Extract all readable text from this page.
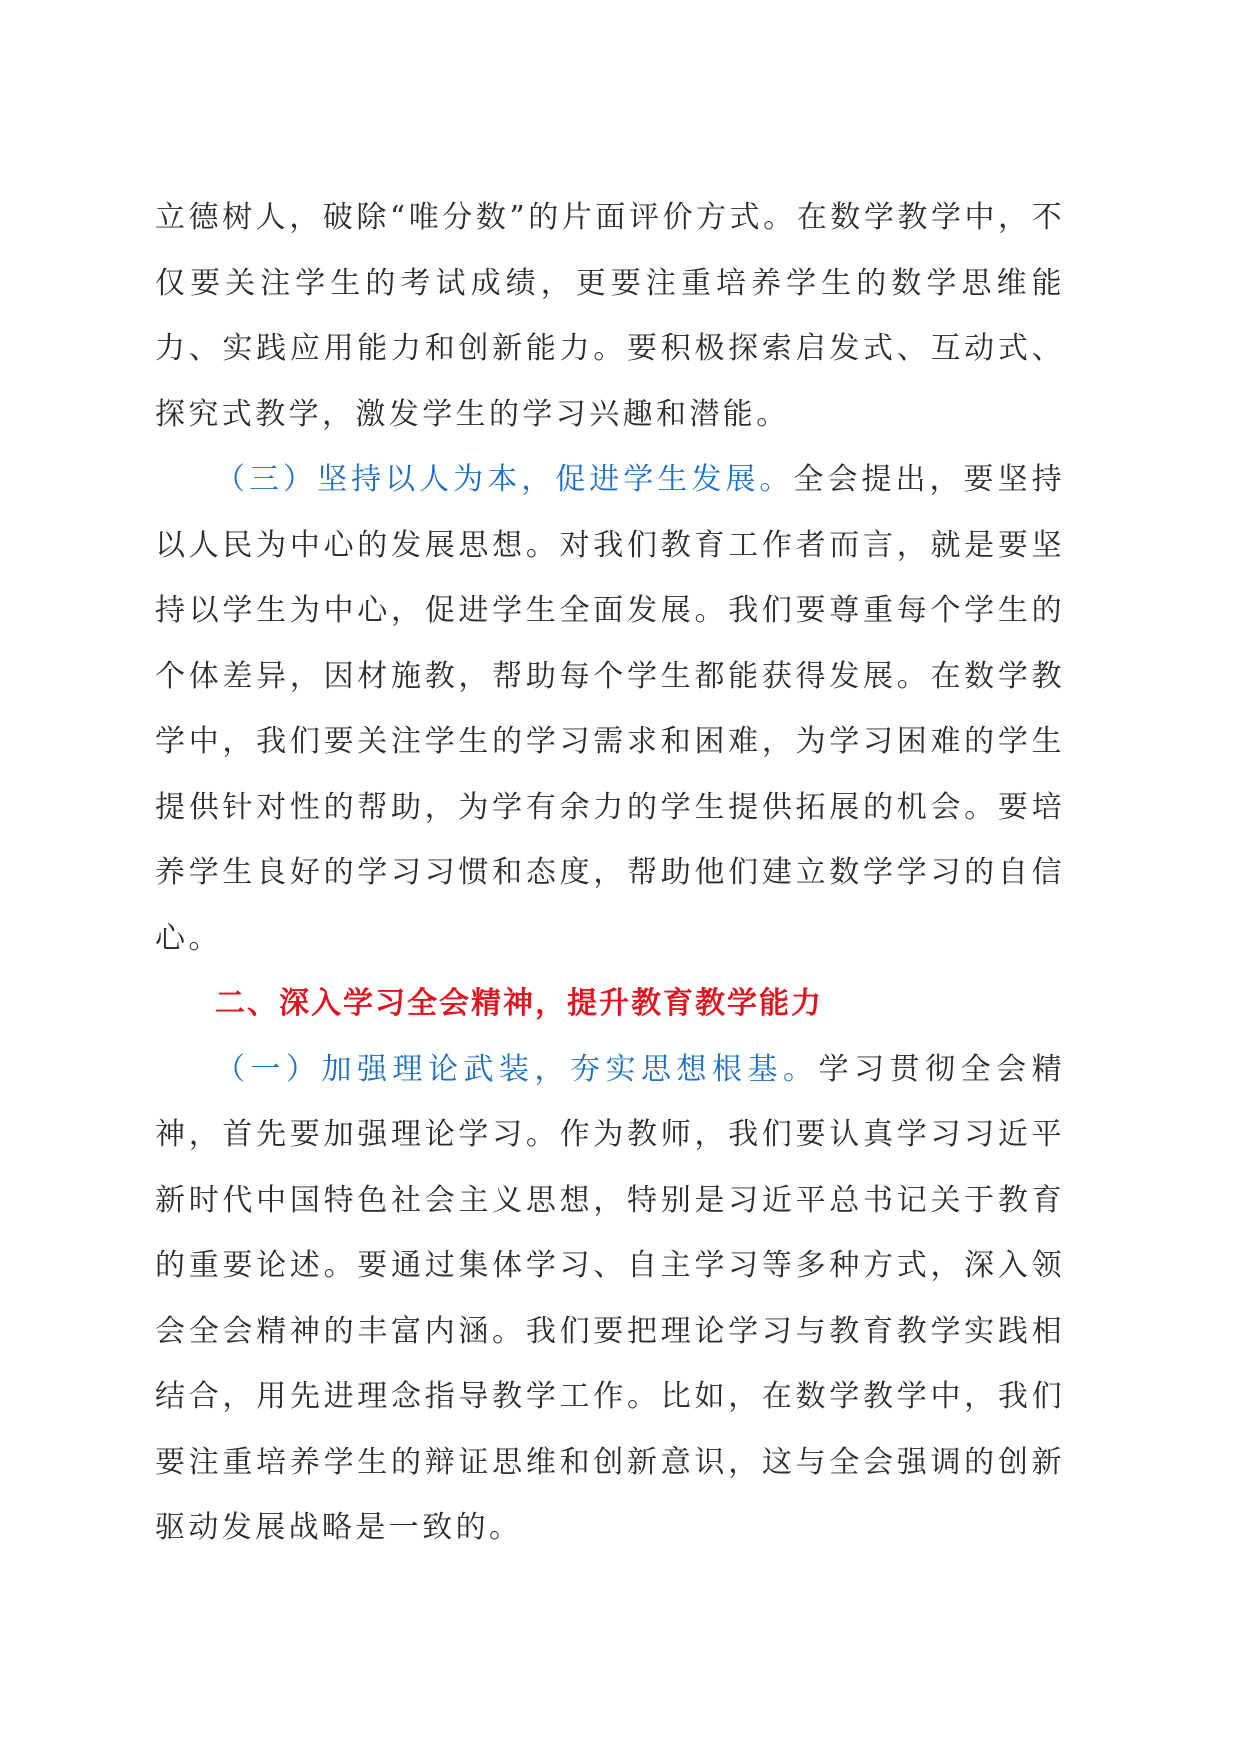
立德树人，破除“唯分数”的片面评价方式。在数学教学中，不仅要关注学生的考试成绩，更要注重培养学生的数学思维能力、实践应用能力和创新能力。要积极探索启发式、互动式、探究式教学，激发学生的学习兴趣和潜能。

（三）坚持以人为本，促进学生发展。全会提出，要坚持以人民为中心的发展思想。对我们教育工作者而言，就是要坚持以学生为中心，促进学生全面发展。我们要尊重每个学生的个体差异，因材施教，帮助每个学生都能获得发展。在数学教学中，我们要关注学生的学习需求和困难，为学习困难的学生提供针对性的帮助，为学有余力的学生提供拓展的机会。要培养学生良好的学习习惯和态度，帮助他们建立数学学习的自信心。

二、深入学习全会精神，提升教育教学能力

（一）加强理论武装，夯实思想根基。学习贯彻全会精神，首先要加强理论学习。作为教师，我们要认真学习习近平新时代中国特色社会主义思想，特别是习近平总书记关于教育的重要论述。要通过集体学习、自主学习等多种方式，深入领会全会精神的丰富内涵。我们要把理论学习与教育教学实践相结合，用先进理念指导教学工作。比如，在数学教学中，我们要注重培养学生的辩证思维和创新意识，这与全会强调的创新驱动发展战略是一致的。
